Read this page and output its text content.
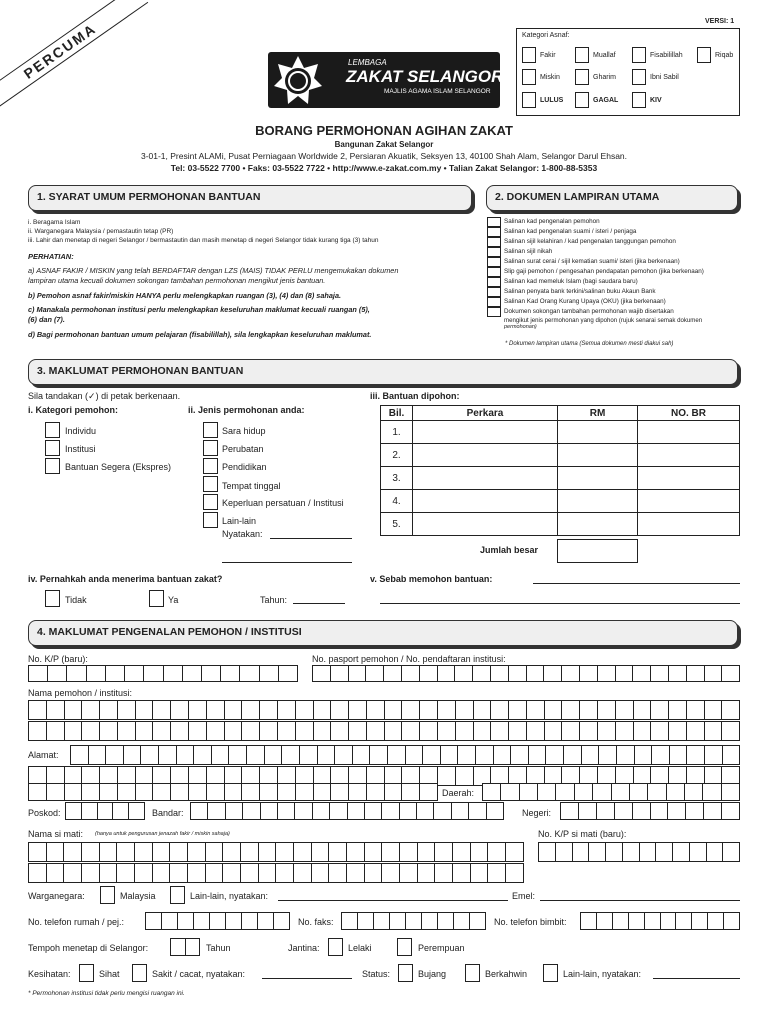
PERCUMA	VERSI: 1
LEMBAGA
ZAKAT SELANGOR
MAJLIS AGAMA ISLAM SELANGOR
Kategori Asnaf:
Fakir	Muallaf	Fisabilillah	Riqab
Miskin	Gharim	Ibni Sabil
LULUS	GAGAL	KIV
BORANG PERMOHONAN AGIHAN ZAKAT
Bangunan Zakat Selangor
3-01-1, Presint ALAMi, Pusat Perniagaan Worldwide 2, Persiaran Akuatik, Seksyen 13, 40100 Shah Alam, Selangor Darul Ehsan.
Tel: 03-5522 7700 • Faks: 03-5522 7722 • http://www.e-zakat.com.my • Talian Zakat Selangor: 1-800-88-5353
1. SYARAT UMUM PERMOHONAN BANTUAN
i. Beragama Islam
ii. Warganegara Malaysia / pemastautin tetap (PR)
iii. Lahir dan menetap di negeri Selangor / bermastautin dan masih menetap di negeri Selangor tidak kurang tiga (3) tahun
PERHATIAN:
a) ASNAF FAKIR / MISKIN yang telah BERDAFTAR dengan LZS (MAIS) TIDAK PERLU mengemukakan dokumen
lampiran utama kecuali dokumen sokongan tambahan permohonan mengikut jenis bantuan.
b) Pemohon asnaf fakir/miskin HANYA perlu melengkapkan ruangan (3), (4) dan (8) sahaja.
c) Manakala permohonan institusi perlu melengkapkan keseluruhan maklumat kecuali ruangan (5),
(6) dan (7).
d) Bagi permohonan bantuan umum pelajaran (fisabilillah), sila lengkapkan keseluruhan maklumat.
2. DOKUMEN LAMPIRAN UTAMA
Salinan kad pengenalan pemohon
Salinan kad pengenalan suami / isteri / penjaga
Salinan sijil kelahiran / kad pengenalan tanggungan pemohon
Salinan sijil nikah
Salinan surat cerai / sijil kematian suami/ isteri (jika berkenaan)
Slip gaji pemohon / pengesahan pendapatan pemohon (jika berkenaan)
Salinan kad memeluk Islam (bagi saudara baru)
Salinan penyata bank terkini/salinan buku Akaun Bank
Salinan Kad Orang Kurang Upaya (OKU) (jika berkenaan)
Dokumen sokongan tambahan permohonan wajib disertakan
mengikut jenis permohonan yang dipohon (rujuk senarai semak dokumen
permohonan)
* Dokumen lampiran utama (Semua dokumen mesti diakui sah)
3. MAKLUMAT PERMOHONAN BANTUAN
Sila tandakan (✓) di petak berkenaan.
i. Kategori pemohon:
Individu
Institusi
Bantuan Segera (Ekspres)
ii. Jenis permohonan anda:
Sara hidup
Perubatan
Pendidikan
Tempat tinggal
Keperluan persatuan / Institusi
Lain-lain
Nyatakan:
iii. Bantuan dipohon:
Bil.	Perkara	RM	NO. BR
1.			
2.			
3.			
4.			
5.			
Jumlah besar
iv. Pernahkah anda menerima bantuan zakat?
Tidak	Ya	Tahun:
v. Sebab memohon bantuan:
4. MAKLUMAT PENGENALAN PEMOHON / INSTITUSI
No. K/P (baru):	No. pasport pemohon / No. pendaftaran institusi:
Nama pemohon / institusi:
Alamat:
Daerah:
Poskod:	Bandar:	Negeri:
Nama si mati: (hanya untuk pengurusan jenazah fakir / miskin sahaja)	No. K/P si mati (baru):
Warganegara:	Malaysia	Lain-lain, nyatakan:	Emel:
No. telefon rumah / pej.:	No. faks:	No. telefon bimbit:
Tempoh menetap di Selangor:	Tahun	Jantina:	Lelaki	Perempuan
Kesihatan:	Sihat	Sakit / cacat, nyatakan:	Status:	Bujang	Berkahwin	Lain-lain, nyatakan:
* Permohonan institusi tidak perlu mengisi ruangan ini.
